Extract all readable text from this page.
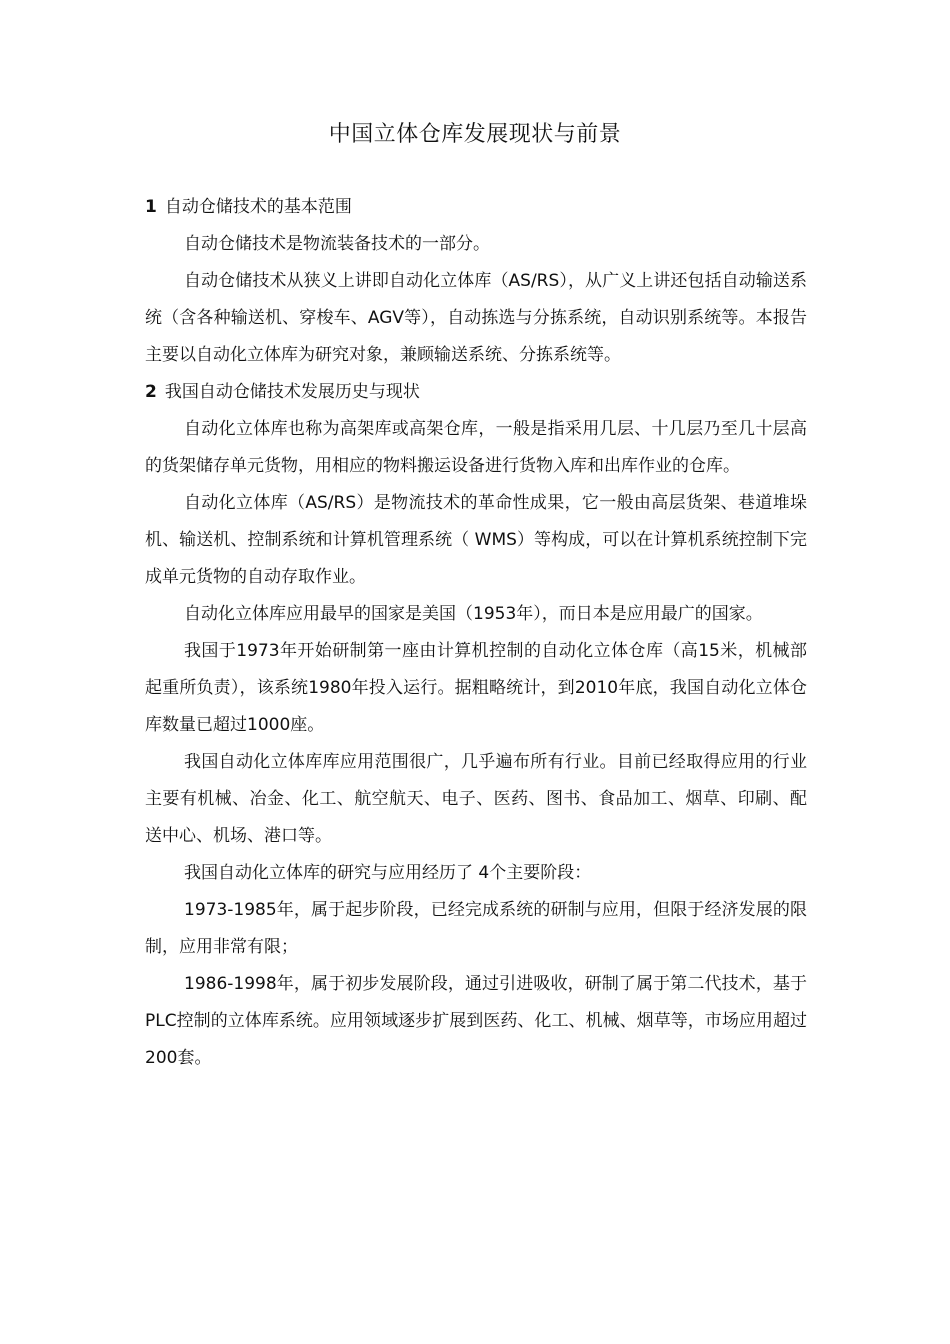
中国立体仓库发展现状与前景

1 自动仓储技术的基本范围

自动仓储技术是物流装备技术的一部分。

自动仓储技术从狭义上讲即自动化立体库（AS/RS），从广义上讲还包括自动输送系统（含各种输送机、穿梭车、AGV等），自动拣选与分拣系统，自动识别系统等。本报告主要以自动化立体库为研究对象，兼顾输送系统、分拣系统等。

2 我国自动仓储技术发展历史与现状

自动化立体库也称为高架库或高架仓库，一般是指采用几层、十几层乃至几十层高的货架储存单元货物，用相应的物料搬运设备进行货物入库和出库作业的仓库。

自动化立体库（AS/RS）是物流技术的革命性成果，它一般由高层货架、巷道堆垛机、输送机、控制系统和计算机管理系统（ WMS）等构成，可以在计算机系统控制下完成单元货物的自动存取作业。

自动化立体库应用最早的国家是美国（1953年），而日本是应用最广的国家。

我国于1973年开始研制第一座由计算机控制的自动化立体仓库（高15米，机械部起重所负责），该系统1980年投入运行。据粗略统计，到2010年底，我国自动化立体仓库数量已超过1000座。

我国自动化立体库库应用范围很广，几乎遍布所有行业。目前已经取得应用的行业主要有机械、冶金、化工、航空航天、电子、医药、图书、食品加工、烟草、印刷、配送中心、机场、港口等。

我国自动化立体库的研究与应用经历了 4个主要阶段：

1973-1985年，属于起步阶段，已经完成系统的研制与应用，但限于经济发展的限制，应用非常有限；

1986-1998年，属于初步发展阶段，通过引进吸收，研制了属于第二代技术，基于PLC控制的立体库系统。应用领域逐步扩展到医药、化工、机械、烟草等，市场应用超过200套。
